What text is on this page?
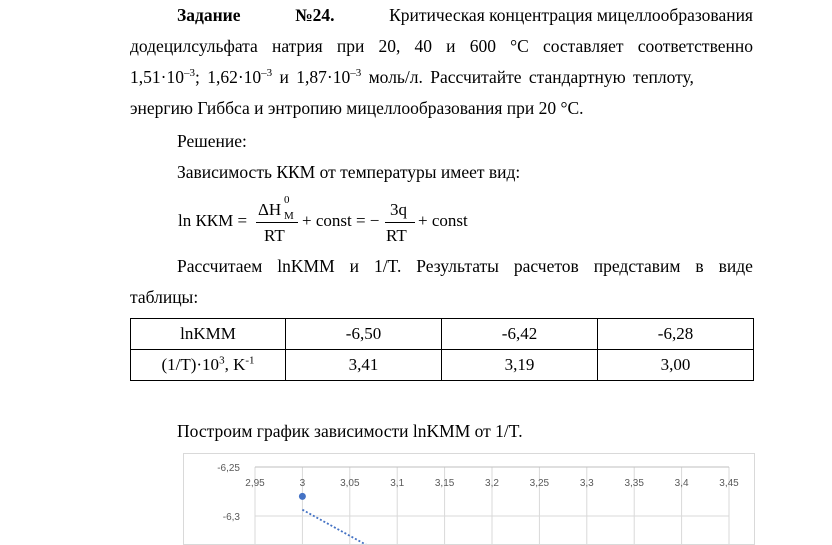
Задание	№24.	Критическая концентрация мицеллообразования
додецилсульфата натрия при 20, 40 и 600 °С составляет соответственно
$1,51\cdot 10^{-3}$; $1,62\cdot 10^{-3}$ и $1,87\cdot 10^{-3}$ моль/л. Рассчитайте стандартную теплоту,
энергию Гиббса и энтропию мицеллообразования при 20 °С.
Решение:
Зависимость ККМ от температуры имеет вид:
ln ККМ =
ΔH 0
M
RT
+ const = −
3q
RT
+ const
Рассчитаем lnKMM и 1/T. Результаты расчетов представим в виде
таблицы:
lnKMM	-6,50	-6,42	-6,28
$(1/T)\cdot 10^3$, $K^{-1}$	3,41	3,19	3,00
Построим график зависимости lnKMM от 1/T.
2,95	3	3,05	3,1	3,15	3,2	3,25	3,3	3,35	3,4	3,45
-6,25
-6,3
